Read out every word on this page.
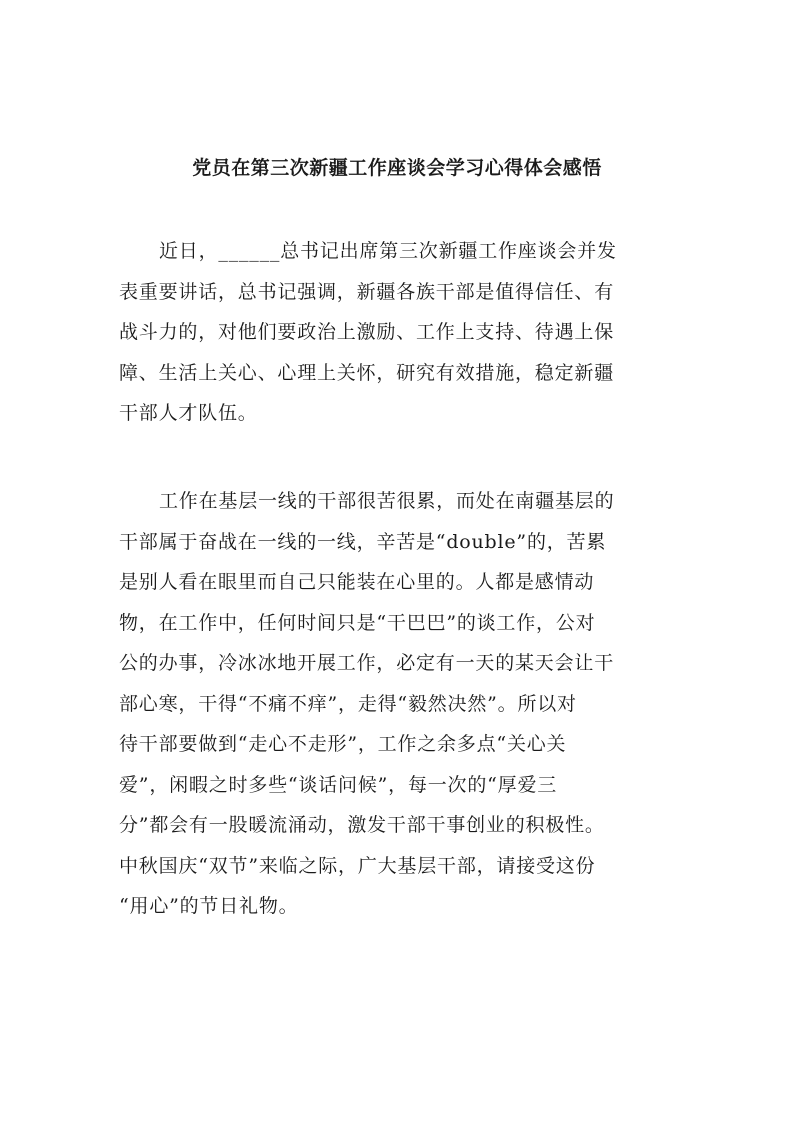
党员在第三次新疆工作座谈会学习心得体会感悟

近日，______总书记出席第三次新疆工作座谈会并发
表重要讲话，总书记强调，新疆各族干部是值得信任、有
战斗力的，对他们要政治上激励、工作上支持、待遇上保
障、生活上关心、心理上关怀，研究有效措施，稳定新疆
干部人才队伍。

工作在基层一线的干部很苦很累，而处在南疆基层的
干部属于奋战在一线的一线，辛苦是“double”的，苦累
是别人看在眼里而自己只能装在心里的。人都是感情动
物，在工作中，任何时间只是“干巴巴”的谈工作，公对
公的办事，冷冰冰地开展工作，必定有一天的某天会让干
部心寒，干得“不痛不痒”，走得“毅然决然”。所以对
待干部要做到“走心不走形”，工作之余多点“关心关
爱”，闲暇之时多些“谈话问候”，每一次的“厚爱三
分”都会有一股暖流涌动，激发干部干事创业的积极性。
中秋国庆“双节”来临之际，广大基层干部，请接受这份
“用心”的节日礼物。
